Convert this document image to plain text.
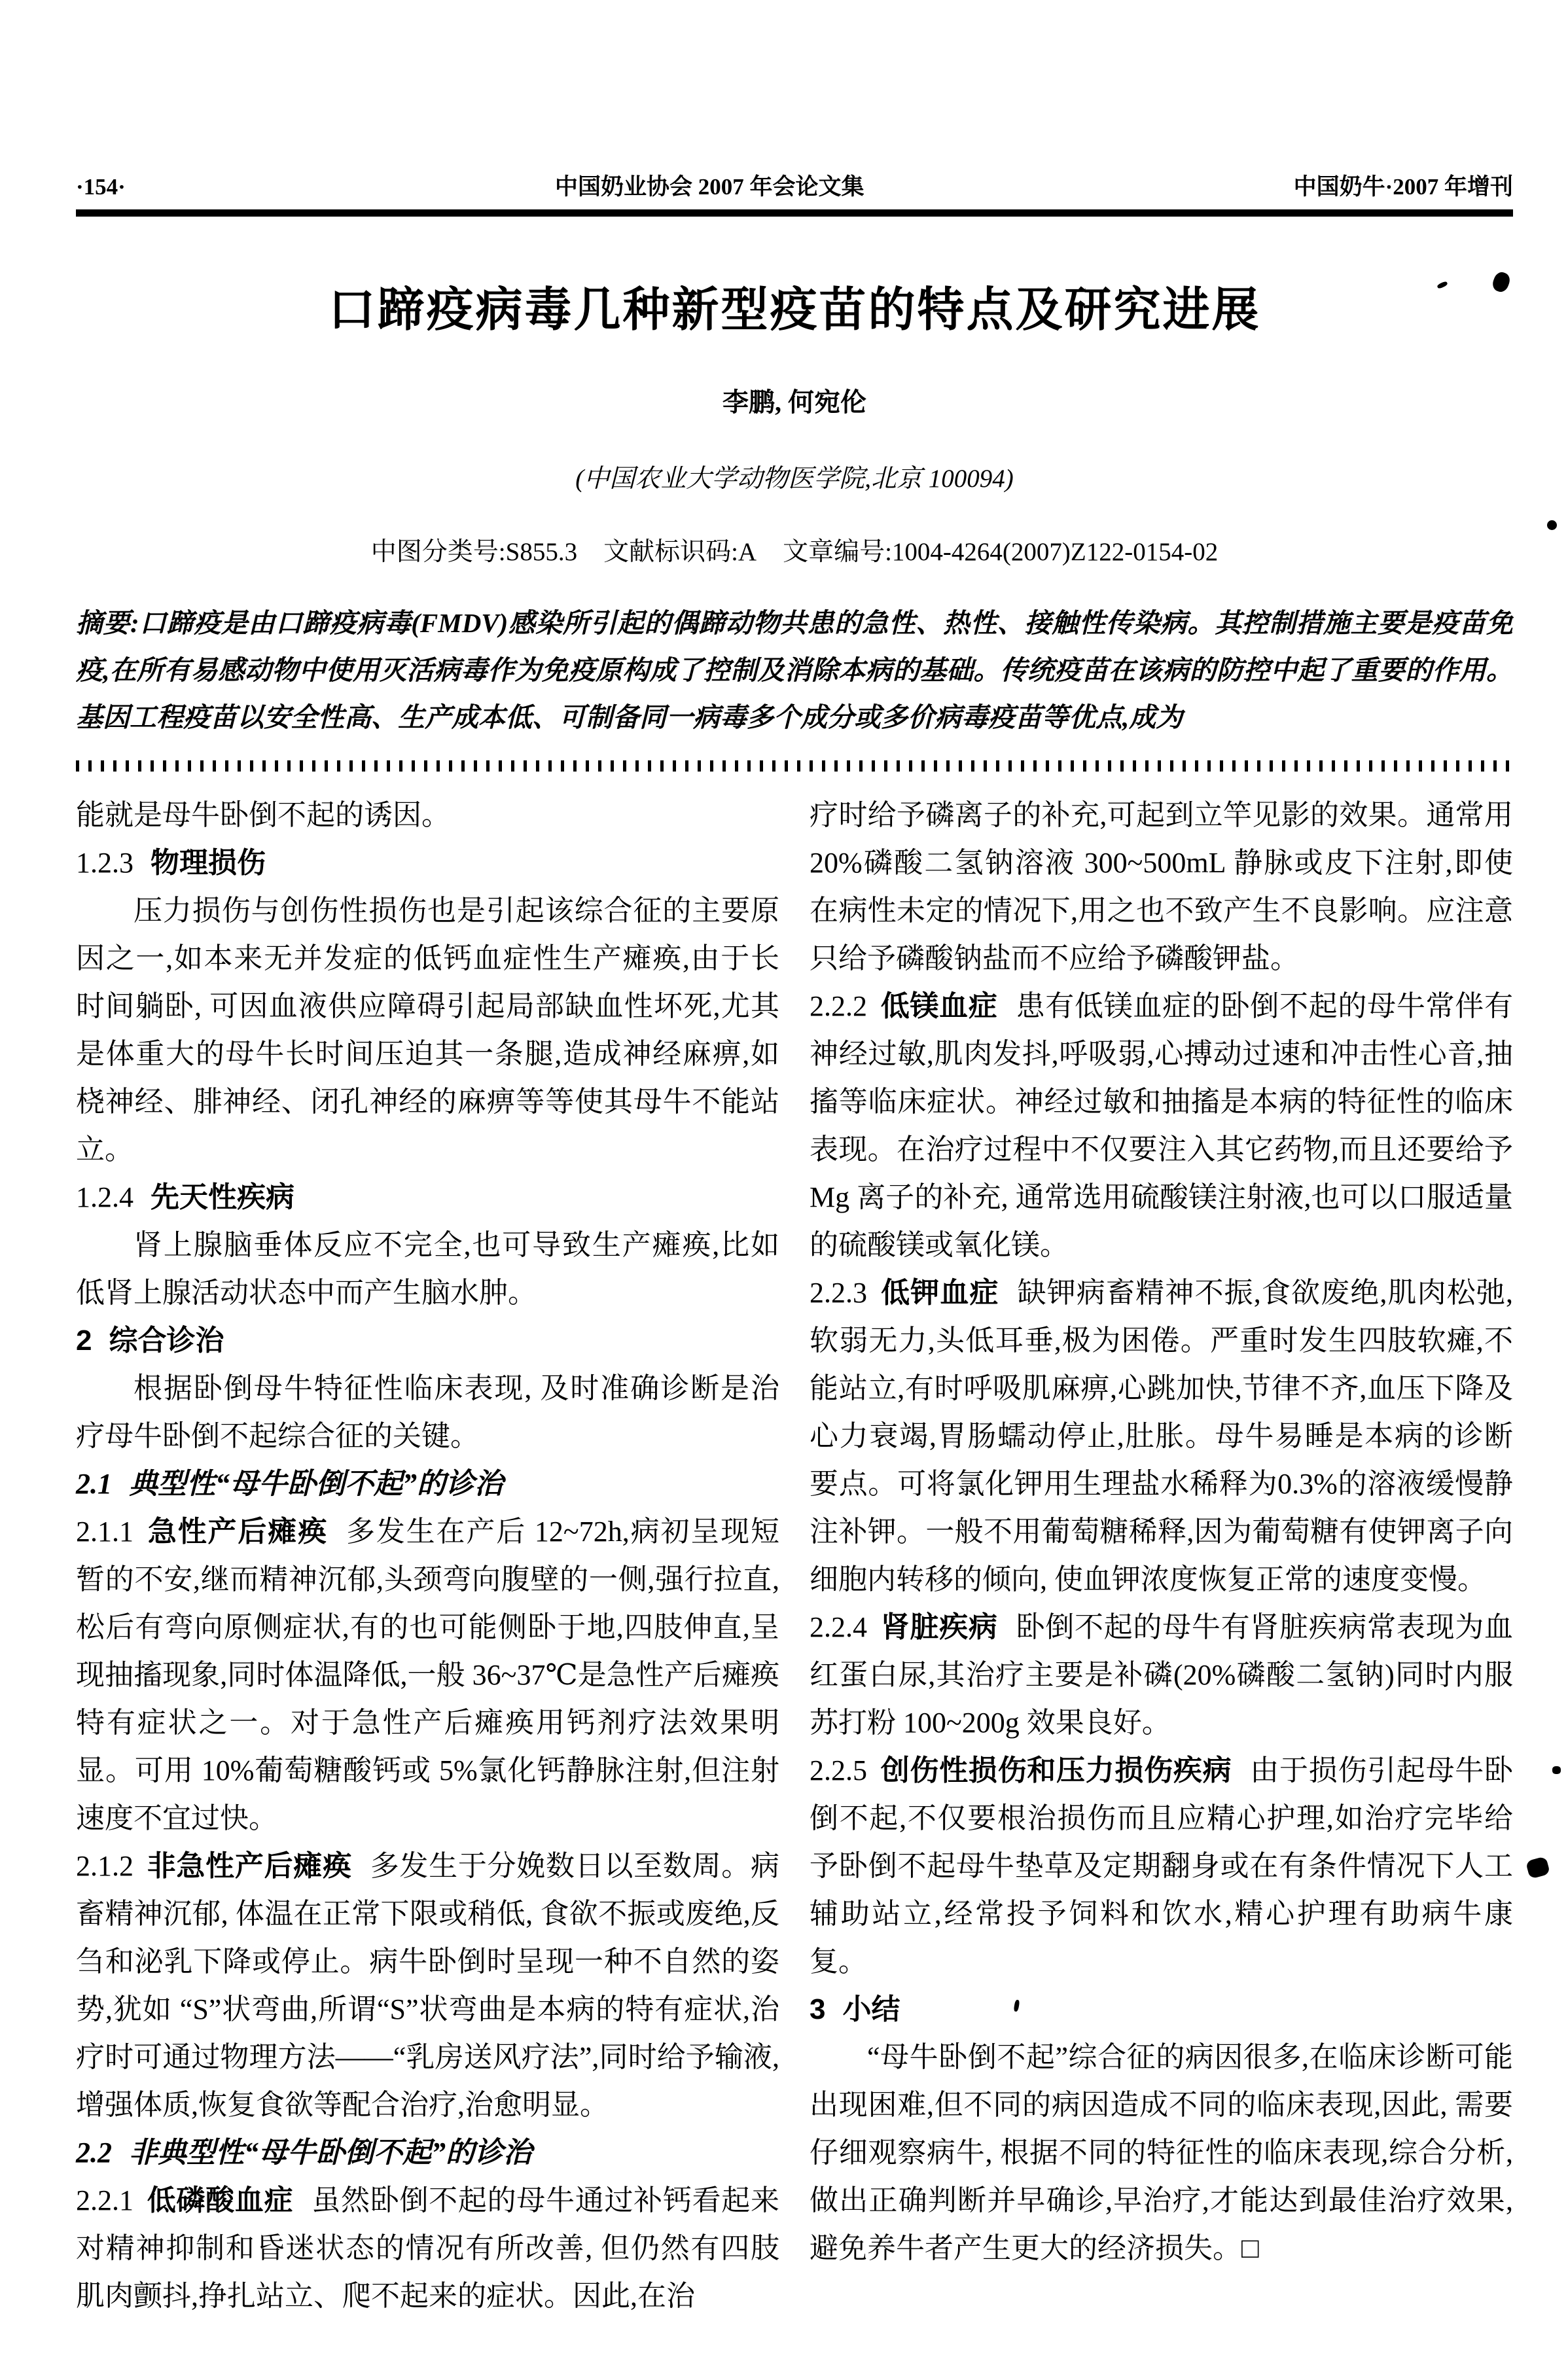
·154·	中国奶业协会 2007 年会论文集	中国奶牛·2007 年增刊
口蹄疫病毒几种新型疫苗的特点及研究进展
李鹏, 何宛伦
(中国农业大学动物医学院,北京 100094)
中图分类号:S855.3 文献标识码:A 文章编号:1004-4264(2007)Z122-0154-02
摘要:口蹄疫是由口蹄疫病毒(FMDV)感染所引起的偶蹄动物共患的急性、热性、接触性传染病。其控制措施主要是疫苗免疫,在所有易感动物中使用灭活病毒作为免疫原构成了控制及消除本病的基础。传统疫苗在该病的防控中起了重要的作用。基因工程疫苗以安全性高、生产成本低、可制备同一病毒多个成分或多价病毒疫苗等优点,成为
能就是母牛卧倒不起的诱因。
1.2.3 物理损伤
压力损伤与创伤性损伤也是引起该综合征的主要原因之一,如本来无并发症的低钙血症性生产瘫痪,由于长时间躺卧, 可因血液供应障碍引起局部缺血性坏死,尤其是体重大的母牛长时间压迫其一条腿,造成神经麻痹,如桡神经、腓神经、闭孔神经的麻痹等等使其母牛不能站立。
1.2.4 先天性疾病
肾上腺脑垂体反应不完全,也可导致生产瘫痪,比如低肾上腺活动状态中而产生脑水肿。
2 综合诊治
根据卧倒母牛特征性临床表现, 及时准确诊断是治疗母牛卧倒不起综合征的关键。
2.1 典型性“母牛卧倒不起”的诊治
2.1.1 急性产后瘫痪 多发生在产后 12~72h,病初呈现短暂的不安,继而精神沉郁,头颈弯向腹壁的一侧,强行拉直,松后有弯向原侧症状,有的也可能侧卧于地,四肢伸直,呈现抽搐现象,同时体温降低,一般 36~37℃是急性产后瘫痪特有症状之一。对于急性产后瘫痪用钙剂疗法效果明显。可用 10%葡萄糖酸钙或 5%氯化钙静脉注射,但注射速度不宜过快。
2.1.2 非急性产后瘫痪 多发生于分娩数日以至数周。病畜精神沉郁, 体温在正常下限或稍低, 食欲不振或废绝,反刍和泌乳下降或停止。病牛卧倒时呈现一种不自然的姿势,犹如 “S”状弯曲,所谓“S”状弯曲是本病的特有症状,治疗时可通过物理方法——“乳房送风疗法”,同时给予输液,增强体质,恢复食欲等配合治疗,治愈明显。
2.2 非典型性“母牛卧倒不起”的诊治
2.2.1 低磷酸血症 虽然卧倒不起的母牛通过补钙看起来对精神抑制和昏迷状态的情况有所改善, 但仍然有四肢肌肉颤抖,挣扎站立、爬不起来的症状。因此,在治
疗时给予磷离子的补充,可起到立竿见影的效果。通常用 20%磷酸二氢钠溶液 300~500mL 静脉或皮下注射,即使在病性未定的情况下,用之也不致产生不良影响。应注意只给予磷酸钠盐而不应给予磷酸钾盐。
2.2.2 低镁血症 患有低镁血症的卧倒不起的母牛常伴有神经过敏,肌肉发抖,呼吸弱,心搏动过速和冲击性心音,抽搐等临床症状。神经过敏和抽搐是本病的特征性的临床表现。在治疗过程中不仅要注入其它药物,而且还要给予 Mg 离子的补充, 通常选用硫酸镁注射液,也可以口服适量的硫酸镁或氧化镁。
2.2.3 低钾血症 缺钾病畜精神不振,食欲废绝,肌肉松弛,软弱无力,头低耳垂,极为困倦。严重时发生四肢软瘫,不能站立,有时呼吸肌麻痹,心跳加快,节律不齐,血压下降及心力衰竭,胃肠蠕动停止,肚胀。母牛易睡是本病的诊断要点。可将氯化钾用生理盐水稀释为0.3%的溶液缓慢静注补钾。一般不用葡萄糖稀释,因为葡萄糖有使钾离子向细胞内转移的倾向, 使血钾浓度恢复正常的速度变慢。
2.2.4 肾脏疾病 卧倒不起的母牛有肾脏疾病常表现为血红蛋白尿,其治疗主要是补磷(20%磷酸二氢钠)同时内服苏打粉 100~200g 效果良好。
2.2.5 创伤性损伤和压力损伤疾病 由于损伤引起母牛卧倒不起,不仅要根治损伤而且应精心护理,如治疗完毕给予卧倒不起母牛垫草及定期翻身或在有条件情况下人工辅助站立,经常投予饲料和饮水,精心护理有助病牛康复。
3 小结
“母牛卧倒不起”综合征的病因很多,在临床诊断可能出现困难,但不同的病因造成不同的临床表现,因此, 需要仔细观察病牛, 根据不同的特征性的临床表现,综合分析,做出正确判断并早确诊,早治疗,才能达到最佳治疗效果,避免养牛者产生更大的经济损失。□
